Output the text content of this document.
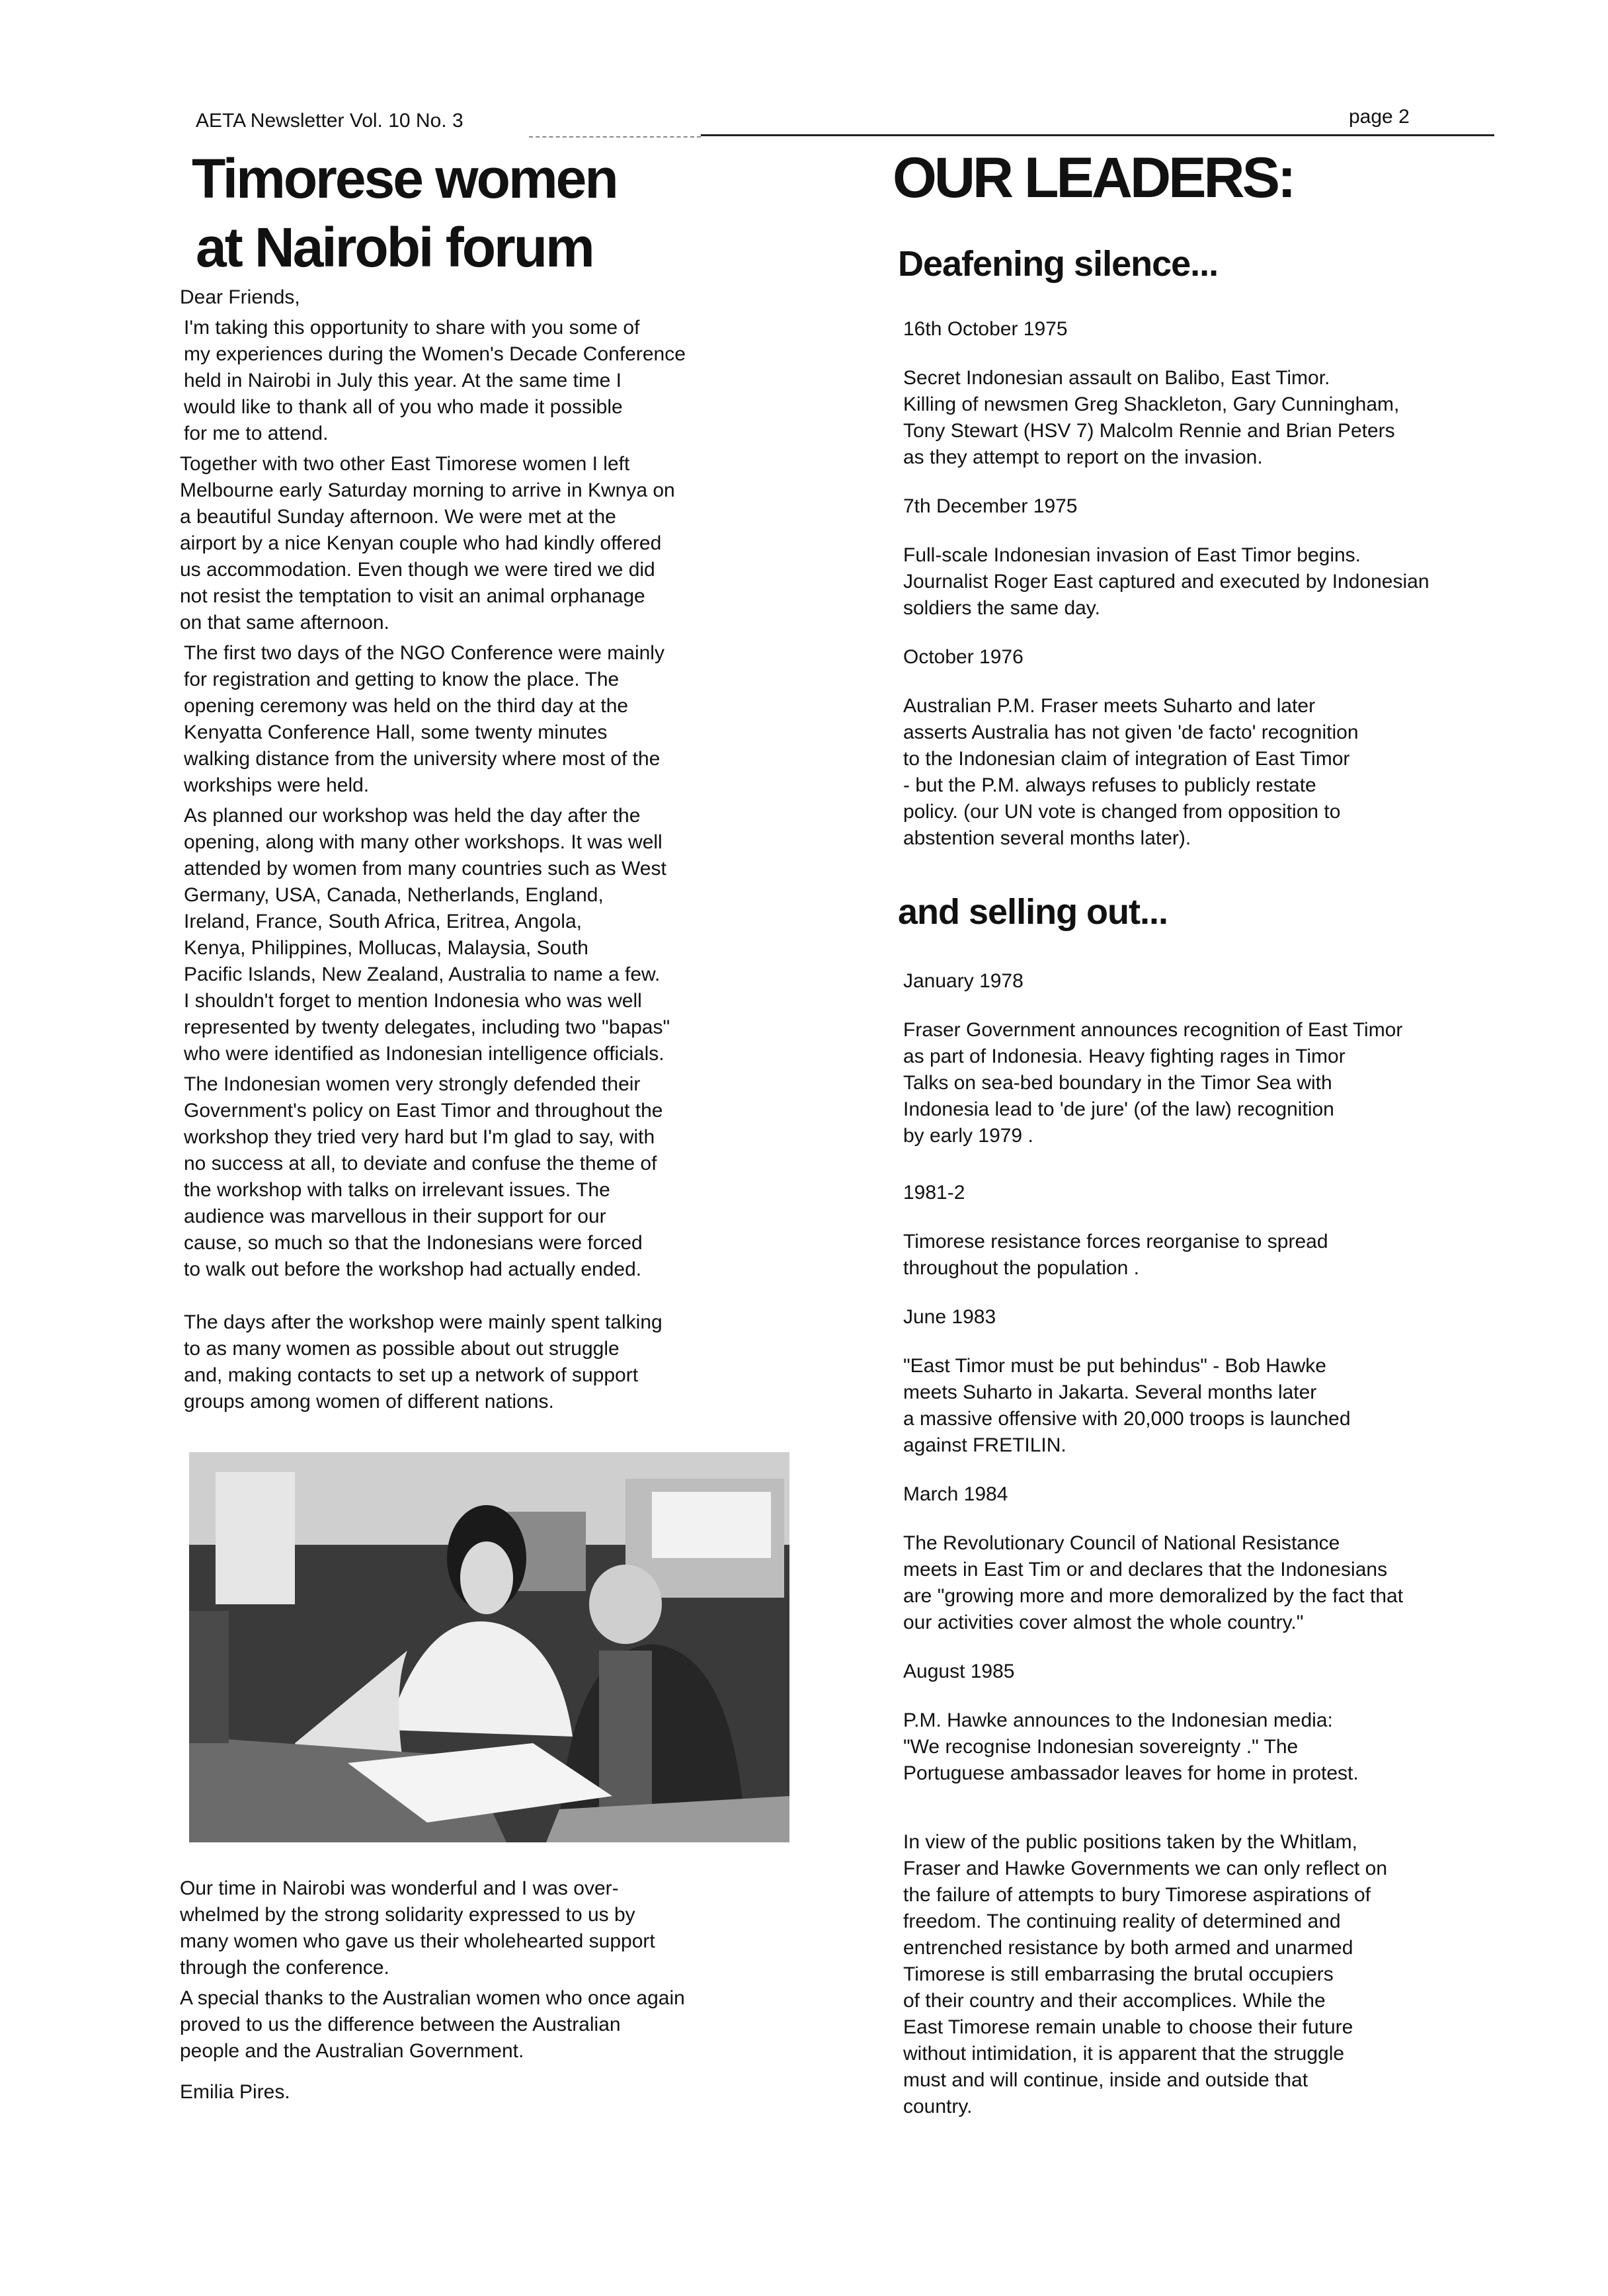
AETA Newsletter Vol. 10 No. 3	page 2
Timorese women
at Nairobi forum

Dear Friends,

I'm taking this opportunity to share with you some of
my experiences during the Women's Decade Conference
held in Nairobi in July this year. At the same time I
would like to thank all of you who made it possible
for me to attend.

Together with two other East Timorese women I left
Melbourne early Saturday morning to arrive in Kwnya on
a beautiful Sunday afternoon. We were met at the
airport by a nice Kenyan couple who had kindly offered
us accommodation. Even though we were tired we did
not resist the temptation to visit an animal orphanage
on that same afternoon.

The first two days of the NGO Conference were mainly
for registration and getting to know the place. The
opening ceremony was held on the third day at the
Kenyatta Conference Hall, some twenty minutes
walking distance from the university where most of the
workships were held.

As planned our workshop was held the day after the
opening, along with many other workshops. It was well
attended by women from many countries such as West
Germany, USA, Canada, Netherlands, England,
Ireland, France, South Africa, Eritrea, Angola,
Kenya, Philippines, Mollucas, Malaysia, South
Pacific Islands, New Zealand, Australia to name a few.
I shouldn't forget to mention Indonesia who was well
represented by twenty delegates, including two "bapas"
who were identified as Indonesian intelligence officials.

The Indonesian women very strongly defended their
Government's policy on East Timor and throughout the
workshop they tried very hard but I'm glad to say, with
no success at all, to deviate and confuse the theme of
the workshop with talks on irrelevant issues. The
audience was marvellous in their support for our
cause, so much so that the Indonesians were forced
to walk out before the workshop had actually ended.

The days after the workshop were mainly spent talking
to as many women as possible about out struggle
and, making contacts to set up a network of support
groups among women of different nations.

Our time in Nairobi was wonderful and I was over-
whelmed by the strong solidarity expressed to us by
many women who gave us their wholehearted support
through the conference.

A special thanks to the Australian women who once again
proved to us the difference between the Australian
people and the Australian Government.

Emilia Pires.

OUR LEADERS:
Deafening silence...

16th October 1975

Secret Indonesian assault on Balibo, East Timor.
Killing of newsmen Greg Shackleton, Gary Cunningham,
Tony Stewart (HSV 7) Malcolm Rennie and Brian Peters
as they attempt to report on the invasion.

7th December 1975

Full-scale Indonesian invasion of East Timor begins.
Journalist Roger East captured and executed by Indonesian
soldiers the same day.

October 1976

Australian P.M. Fraser meets Suharto and later
asserts Australia has not given 'de facto' recognition
to the Indonesian claim of integration of East Timor
- but the P.M. always refuses to publicly restate
policy. (our UN vote is changed from opposition to
abstention several months later).

and selling out...

January 1978

Fraser Government announces recognition of East Timor
as part of Indonesia. Heavy fighting rages in Timor
Talks on sea-bed boundary in the Timor Sea with
Indonesia lead to 'de jure' (of the law) recognition
by early 1979 .

1981-2

Timorese resistance forces reorganise to spread
throughout the population .

June 1983

"East Timor must be put behindus" - Bob Hawke
meets Suharto in Jakarta. Several months later
a massive offensive with 20,000 troops is launched
against FRETILIN.

March 1984

The Revolutionary Council of National Resistance
meets in East Tim or and declares that the Indonesians
are "growing more and more demoralized by the fact that
our activities cover almost the whole country."

August 1985

P.M. Hawke announces to the Indonesian media:
"We recognise Indonesian sovereignty ." The
Portuguese ambassador leaves for home in protest.

In view of the public positions taken by the Whitlam,
Fraser and Hawke Governments we can only reflect on
the failure of attempts to bury Timorese aspirations of
freedom. The continuing reality of determined and
entrenched resistance by both armed and unarmed
Timorese is still embarrasing the brutal occupiers
of their country and their accomplices. While the
East Timorese remain unable to choose their future
without intimidation, it is apparent that the struggle
must and will continue, inside and outside that
country.
